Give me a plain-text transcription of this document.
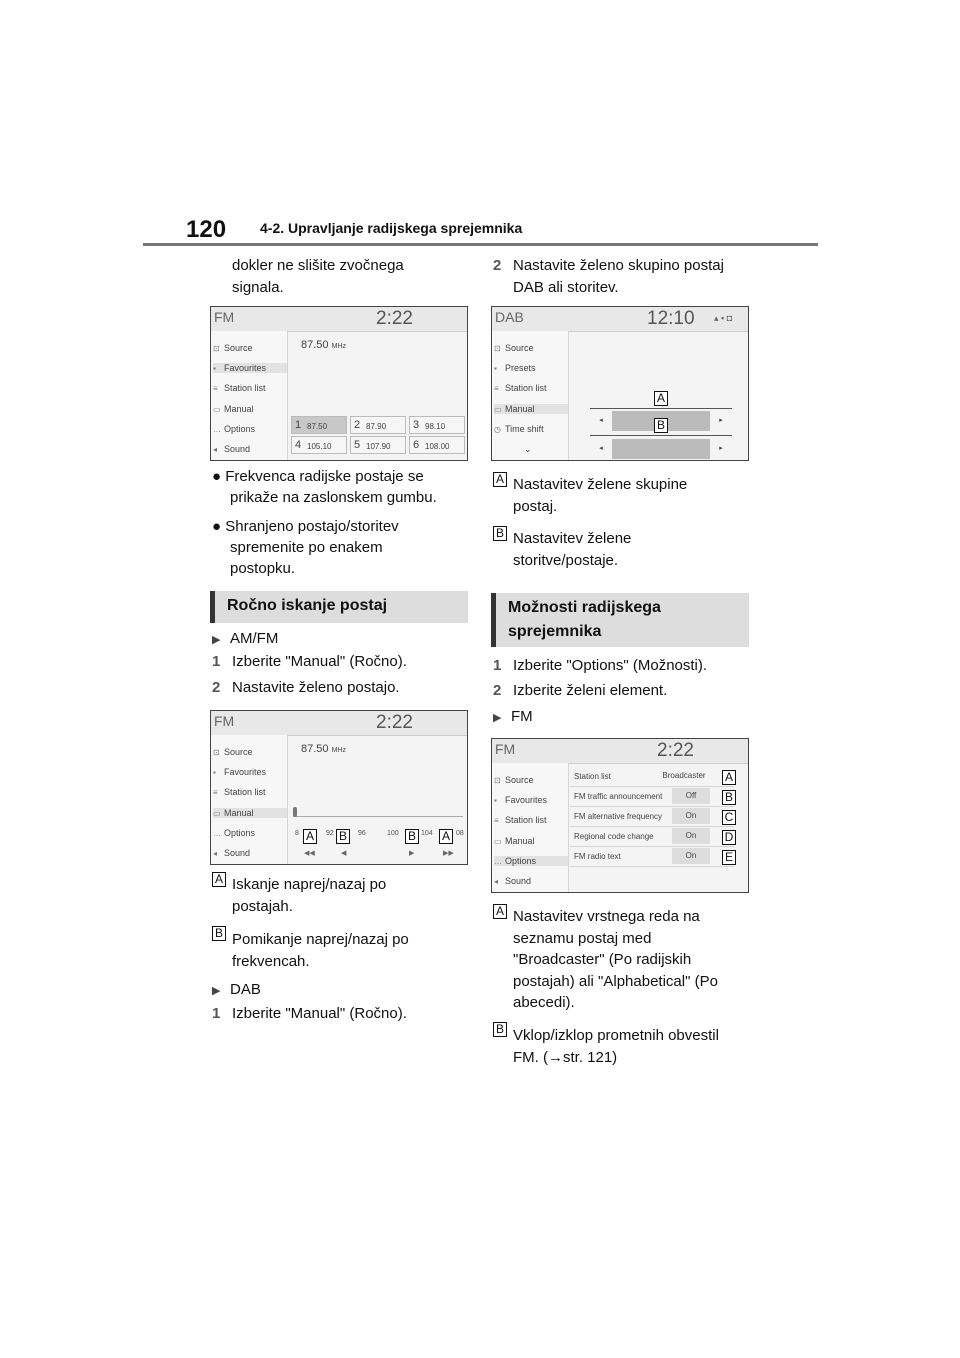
120 4-2. Upravljanje radijskega sprejemnika
dokler ne slišite zvočnega
signala.
FM	2:22
⊡ Source
▪ Favourites
≡ Station list
▭ Manual
… Options
◂ Sound
87.50 MHz
1 87.50 2 87.90 3 98.10
4 105.10 5 107.90 6 108.00
● Frekvenca radijske postaje se
prikaže na zaslonskem gumbu.
● Shranjeno postajo/storitev
spremenite po enakem
postopku.
Ročno iskanje postaj
▶ AM/FM
1 Izberite "Manual" (Ročno).
2 Nastavite želeno postajo.
FM	2:22
⊡ Source
▪ Favourites
≡ Station list
▭ Manual
… Options
◂ Sound
87.50 MHz
8	92	96	100	104	08
A B	B A
◀◀	◀	▶	▶▶
A Iskanje naprej/nazaj po
postajah.
B Pomikanje naprej/nazaj po
frekvencah.
▶ DAB
1 Izberite "Manual" (Ročno).
2 Nastavite želeno skupino postaj
DAB ali storitev.
DAB	12:10 ▴ ▪ ◘
⊡ Source
▪ Presets
≡ Station list
▭ Manual
◷ Time shift
⌄
◂	▸
◂	▸
A
B
A Nastavitev želene skupine
postaj.
B Nastavitev želene
storitve/postaje.
Možnosti radijskega
sprejemnika
1 Izberite "Options" (Možnosti).
2 Izberite želeni element.
▶ FM
FM	2:22
⊡ Source
▪ Favourites
≡ Station list
▭ Manual
… Options
◂ Sound
Station list	Broadcaster
FM traffic announcement	Off
FM alternative frequency	On
Regional code change	On
FM radio text	On
A
B
C
D
E
A Nastavitev vrstnega reda na
seznamu postaj med
"Broadcaster" (Po radijskih
postajah) ali "Alphabetical" (Po
abecedi).
B Vklop/izklop prometnih obvestil
FM. (→str. 121)
